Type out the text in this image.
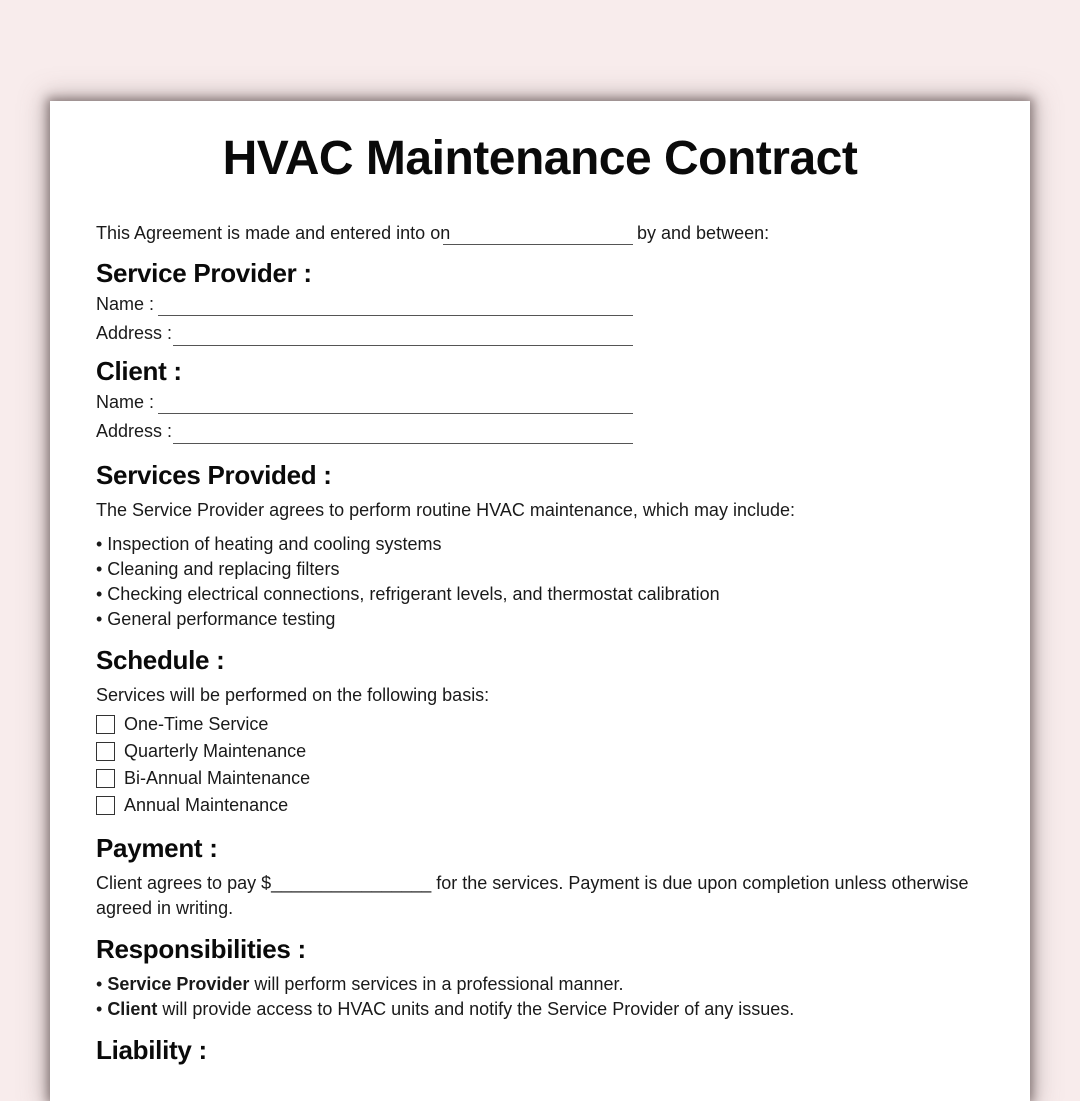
HVAC Maintenance Contract
This Agreement is made and entered into on	by and between:
Service Provider :
Name :
Address :
Client :
Name :
Address :
Services Provided :
The Service Provider agrees to perform routine HVAC maintenance, which may include:
• Inspection of heating and cooling systems
• Cleaning and replacing filters
• Checking electrical connections, refrigerant levels, and thermostat calibration
• General performance testing
Schedule :
Services will be performed on the following basis:
One-Time Service
Quarterly Maintenance
Bi-Annual Maintenance
Annual Maintenance
Payment :
Client agrees to pay $________________ for the services. Payment is due upon completion unless otherwise
agreed in writing.
Responsibilities :
• Service Provider will perform services in a professional manner.
• Client will provide access to HVAC units and notify the Service Provider of any issues.
Liability :
